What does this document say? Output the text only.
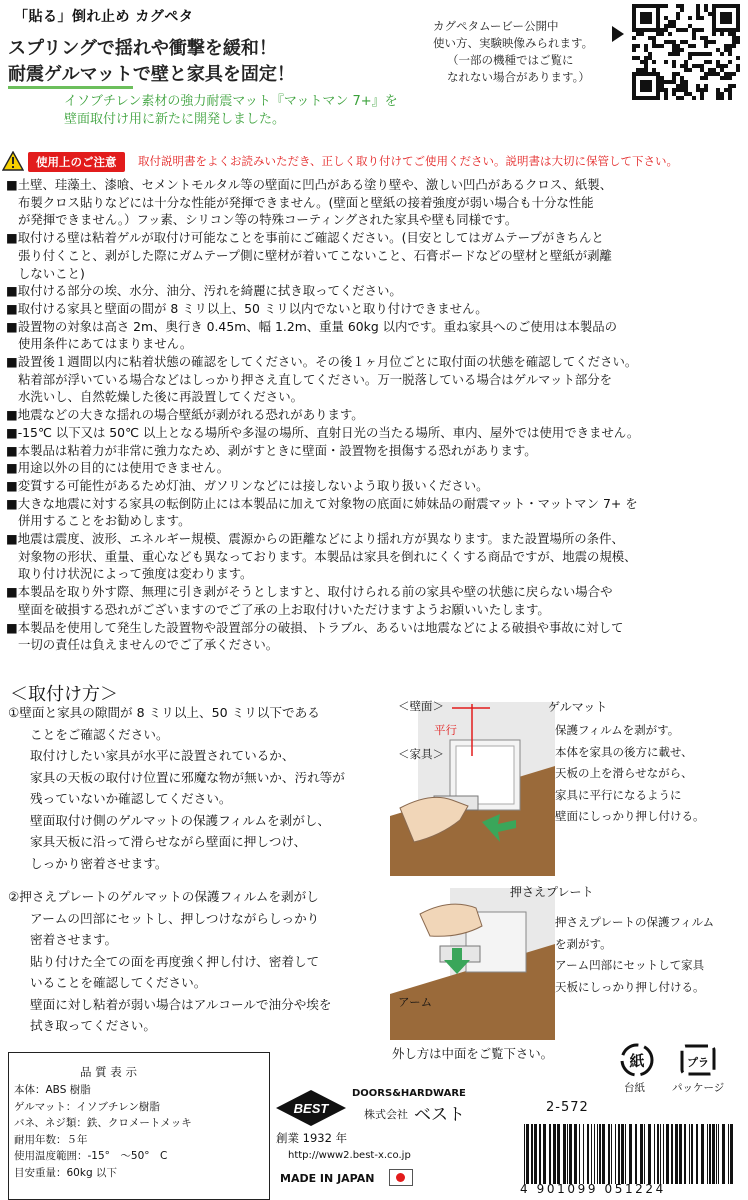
「貼る」倒れ止め カグペタ
スプリングで揺れや衝撃を緩和！
耐震ゲルマットで壁と家具を固定！
イソブチレン素材の強力耐震マット『マットマン 7+』を
壁面取付け用に新たに開発しました。
カグペタムービー公開中
使い方、実験映像みられます。
（一部の機種ではご覧に
なれない場合があります。）
使用上のご注意	取付説明書をよくお読みいただき、正しく取り付けてご使用ください。説明書は大切に保管して下さい。
■土壁、珪藻土、漆喰、セメントモルタル等の壁面に凹凸がある塗り壁や、激しい凹凸があるクロス、紙製、
布製クロス貼りなどには十分な性能が発揮できません。(壁面と壁紙の接着強度が弱い場合も十分な性能
が発揮できません。）フッ素、シリコン等の特殊コーティングされた家具や壁も同様です。
■取付ける壁は粘着ゲルが取付け可能なことを事前にご確認ください。(目安としてはガムテープがきちんと
張り付くこと、剥がした際にガムテープ側に壁材が着いてこないこと、石膏ボードなどの壁材と壁紙が剥離
しないこと)
■取付ける部分の埃、水分、油分、汚れを綺麗に拭き取ってください。
■取付ける家具と壁面の間が 8 ミリ以上、50 ミリ以内でないと取り付けできません。
■設置物の対象は高さ 2m、奥行き 0.45m、幅 1.2m、重量 60kg 以内です。重ね家具へのご使用は本製品の
使用条件にあてはまりません。
■設置後１週間以内に粘着状態の確認をしてください。その後１ヶ月位ごとに取付面の状態を確認してください。
粘着部が浮いている場合などはしっかり押さえ直してください。万一脱落している場合はゲルマット部分を
水洗いし、自然乾燥した後に再設置してください。
■地震などの大きな揺れの場合壁紙が剥がれる恐れがあります。
■-15℃ 以下又は 50℃ 以上となる場所や多湿の場所、直射日光の当たる場所、車内、屋外では使用できません。
■本製品は粘着力が非常に強力なため、剥がすときに壁面・設置物を損傷する恐れがあります。
■用途以外の目的には使用できません。
■変質する可能性があるため灯油、ガソリンなどには接しないよう取り扱いください。
■大きな地震に対する家具の転倒防止には本製品に加えて対象物の底面に姉妹品の耐震マット・マットマン 7+ を
併用することをお勧めします。
■地震は震度、波形、エネルギー規模、震源からの距離などにより揺れ方が異なります。また設置場所の条件、
対象物の形状、重量、重心なども異なっております。本製品は家具を倒れにくくする商品ですが、地震の規模、
取り付け状況によって強度は変わります。
■本製品を取り外す際、無理に引き剥がそうとしますと、取付けられる前の家具や壁の状態に戻らない場合や
壁面を破損する恐れがございますのでご了承の上お取付けいただけますようお願いいたします。
■本製品を使用して発生した設置物や設置部分の破損、トラブル、あるいは地震などによる破損や事故に対して
一切の責任は負えませんのでご了承ください。
＜取付け方＞
①壁面と家具の隙間が 8 ミリ以上、50 ミリ以下である
ことをご確認ください。
取付けしたい家具が水平に設置されているか、
家具の天板の取付け位置に邪魔な物が無いか、汚れ等が
残っていないか確認してください。
壁面取付け側のゲルマットの保護フィルムを剥がし、
家具天板に沿って滑らせながら壁面に押しつけ、
しっかり密着させます。
②押さえプレートのゲルマットの保護フィルムを剥がし
アームの凹部にセットし、押しつけながらしっかり
密着させます。
貼り付けた全ての面を再度強く押し付け、密着して
いることを確認してください。
壁面に対し粘着が弱い場合はアルコールで油分や埃を
拭き取ってください。
＜壁面＞
平行
＜家具＞
ゲルマット
保護フィルムを剥がす。
本体を家具の後方に載せ、
天板の上を滑らせながら、
家具に平行になるように
壁面にしっかり押し付ける。
押さえプレート
アーム
押さえプレートの保護フィルム
を剥がす。
アーム凹部にセットして家具
天板にしっかり押し付ける。
外し方は中面をご覧下さい。
品 質 表 示
本体：ABS 樹脂
ゲルマット：イソブチレン樹脂
バネ、ネジ類：鉄、クロメートメッキ
耐用年数：５年
使用温度範囲：-15°　～50°　C
目安重量：60kg 以下
BEST
DOORS&HARDWARE
株式会社 ベスト
創業 1932 年
http://www2.best-x.co.jp
MADE IN JAPAN
紙	プラ
台紙	パッケージ
2-572
4 901099 051224
